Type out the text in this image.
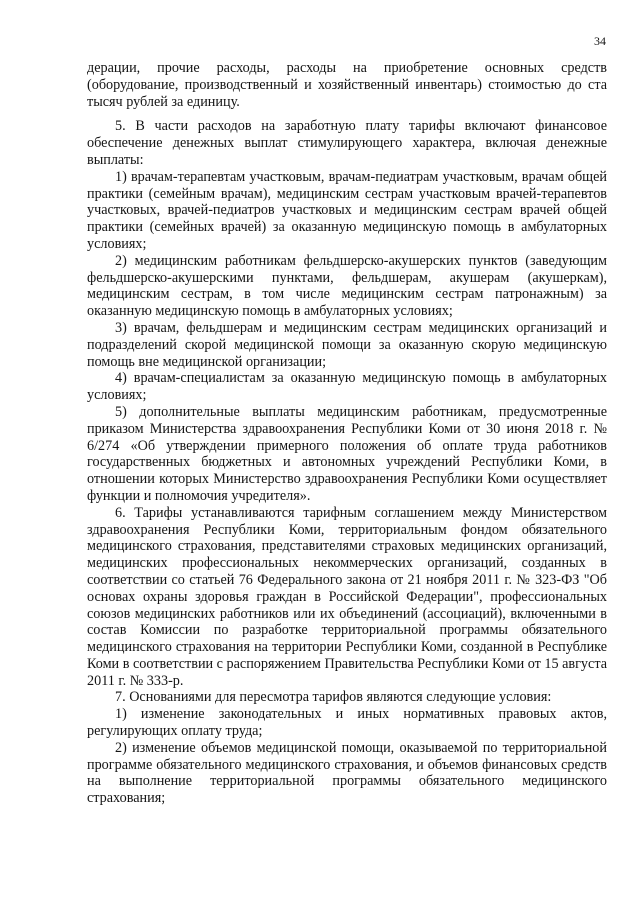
34

дерации, прочие расходы, расходы на приобретение основных средств (оборудование, производственный и хозяйственный инвентарь) стоимостью до ста тысяч рублей за единицу.

5. В части расходов на заработную плату тарифы включают финансовое обеспечение денежных выплат стимулирующего характера, включая денежные выплаты:

1) врачам-терапевтам участковым, врачам-педиатрам участковым, врачам общей практики (семейным врачам), медицинским сестрам участковым врачей-терапевтов участковых, врачей-педиатров участковых и медицинским сестрам врачей общей практики (семейных врачей) за оказанную медицинскую помощь в амбулаторных условиях;

2) медицинским работникам фельдшерско-акушерских пунктов (заведующим фельдшерско-акушерскими пунктами, фельдшерам, акушерам (акушеркам), медицинским сестрам, в том числе медицинским сестрам патронажным) за оказанную медицинскую помощь в амбулаторных условиях;

3) врачам, фельдшерам и медицинским сестрам медицинских организаций и подразделений скорой медицинской помощи за оказанную скорую медицинскую помощь вне медицинской организации;

4) врачам-специалистам за оказанную медицинскую помощь в амбулаторных условиях;

5) дополнительные выплаты медицинским работникам, предусмотренные приказом Министерства здравоохранения Республики Коми от 30 июня 2018 г. № 6/274 «Об утверждении примерного положения об оплате труда работников государственных бюджетных и автономных учреждений Республики Коми, в отношении которых Министерство здравоохранения Республики Коми осуществляет функции и полномочия учредителя».

6. Тарифы устанавливаются тарифным соглашением между Министерством здравоохранения Республики Коми, территориальным фондом обязательного медицинского страхования, представителями страховых медицинских организаций, медицинских профессиональных некоммерческих организаций, созданных в соответствии со статьей 76 Федерального закона от 21 ноября 2011 г. № 323-ФЗ "Об основах охраны здоровья граждан в Российской Федерации", профессиональных союзов медицинских работников или их объединений (ассоциаций), включенными в состав Комиссии по разработке территориальной программы обязательного медицинского страхования на территории Республики Коми, созданной в Республике Коми в соответствии с распоряжением Правительства Республики Коми от 15 августа 2011 г. № 333-р.

7. Основаниями для пересмотра тарифов являются следующие условия:

1) изменение законодательных и иных нормативных правовых актов, регулирующих оплату труда;

2) изменение объемов медицинской помощи, оказываемой по территориальной программе обязательного медицинского страхования, и объемов финансовых средств на выполнение территориальной программы обязательного медицинского страхования;
